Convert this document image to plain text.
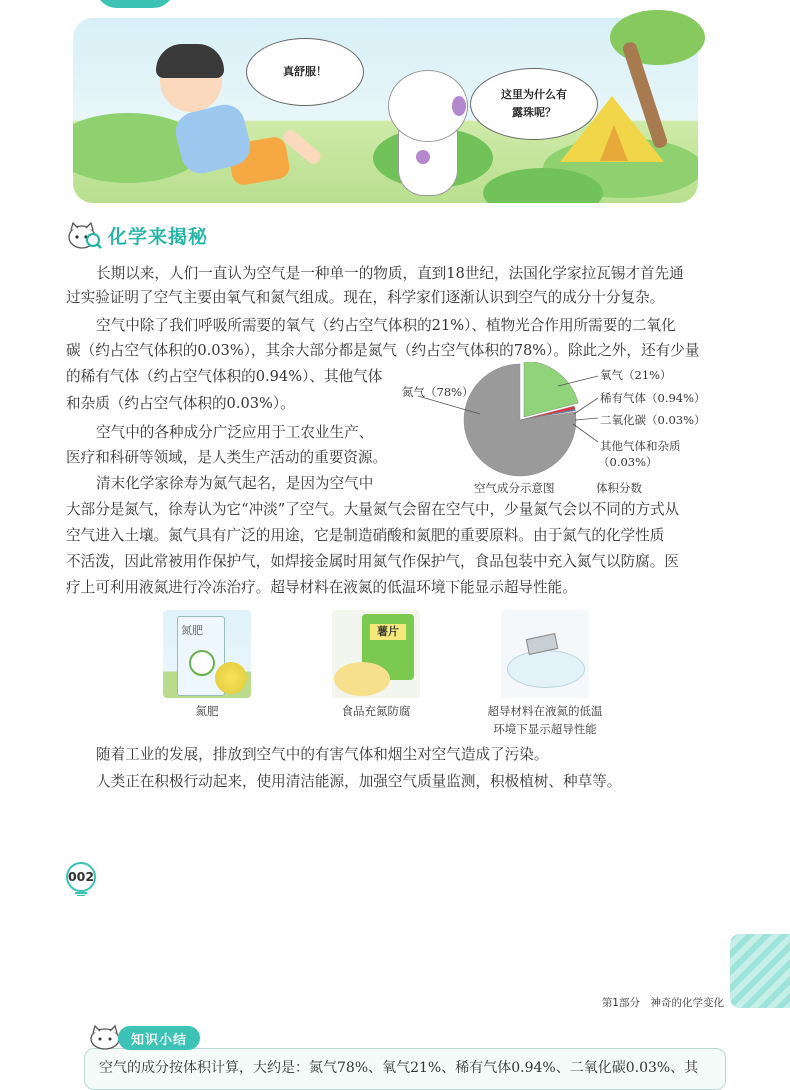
真舒服！
这里为什么有
露珠呢？
化学来揭秘

长期以来，人们一直认为空气是一种单一的物质，直到18世纪，法国化学家拉瓦锡才首先通

过实验证明了空气主要由氧气和氮气组成。现在，科学家们逐渐认识到空气的成分十分复杂。

空气中除了我们呼吸所需要的氧气（约占空气体积的21%）、植物光合作用所需要的二氧化

碳（约占空气体积的0.03%），其余大部分都是氮气（约占空气体积的78%）。除此之外，还有少量

的稀有气体（约占空气体积的0.94%）、其他气体

和杂质（约占空气体积的0.03%）。

空气中的各种成分广泛应用于工农业生产、

医疗和科研等领域，是人类生产活动的重要资源。

清末化学家徐寿为氮气起名，是因为空气中

大部分是氮气，徐寿认为它“冲淡”了空气。大量氮气会留在空气中，少量氮气会以不同的方式从

空气进入土壤。氮气具有广泛的用途，它是制造硝酸和氮肥的重要原料。由于氮气的化学性质

不活泼，因此常被用作保护气，如焊接金属时用氮气作保护气，食品包装中充入氮气以防腐。医

疗上可利用液氮进行冷冻治疗。超导材料在液氮的低温环境下能显示超导性能。

氮气（78%）
氧气（21%）
稀有气体（0.94%）
二氧化碳（0.03%）
其他气体和杂质
（0.03%）
空气成分示意图	体积分数
氮肥
氮肥
薯片
食品充氮防腐	超导材料在液氮的低温
环境下显示超导性能

随着工业的发展，排放到空气中的有害气体和烟尘对空气造成了污染。

人类正在积极行动起来，使用清洁能源，加强空气质量监测，积极植树、种草等。

002
第1部分　神奇的化学变化
空气的成分按体积计算，大约是：氮气78%、氧气21%、稀有气体0.94%、二氧化碳0.03%、其
知识小结
